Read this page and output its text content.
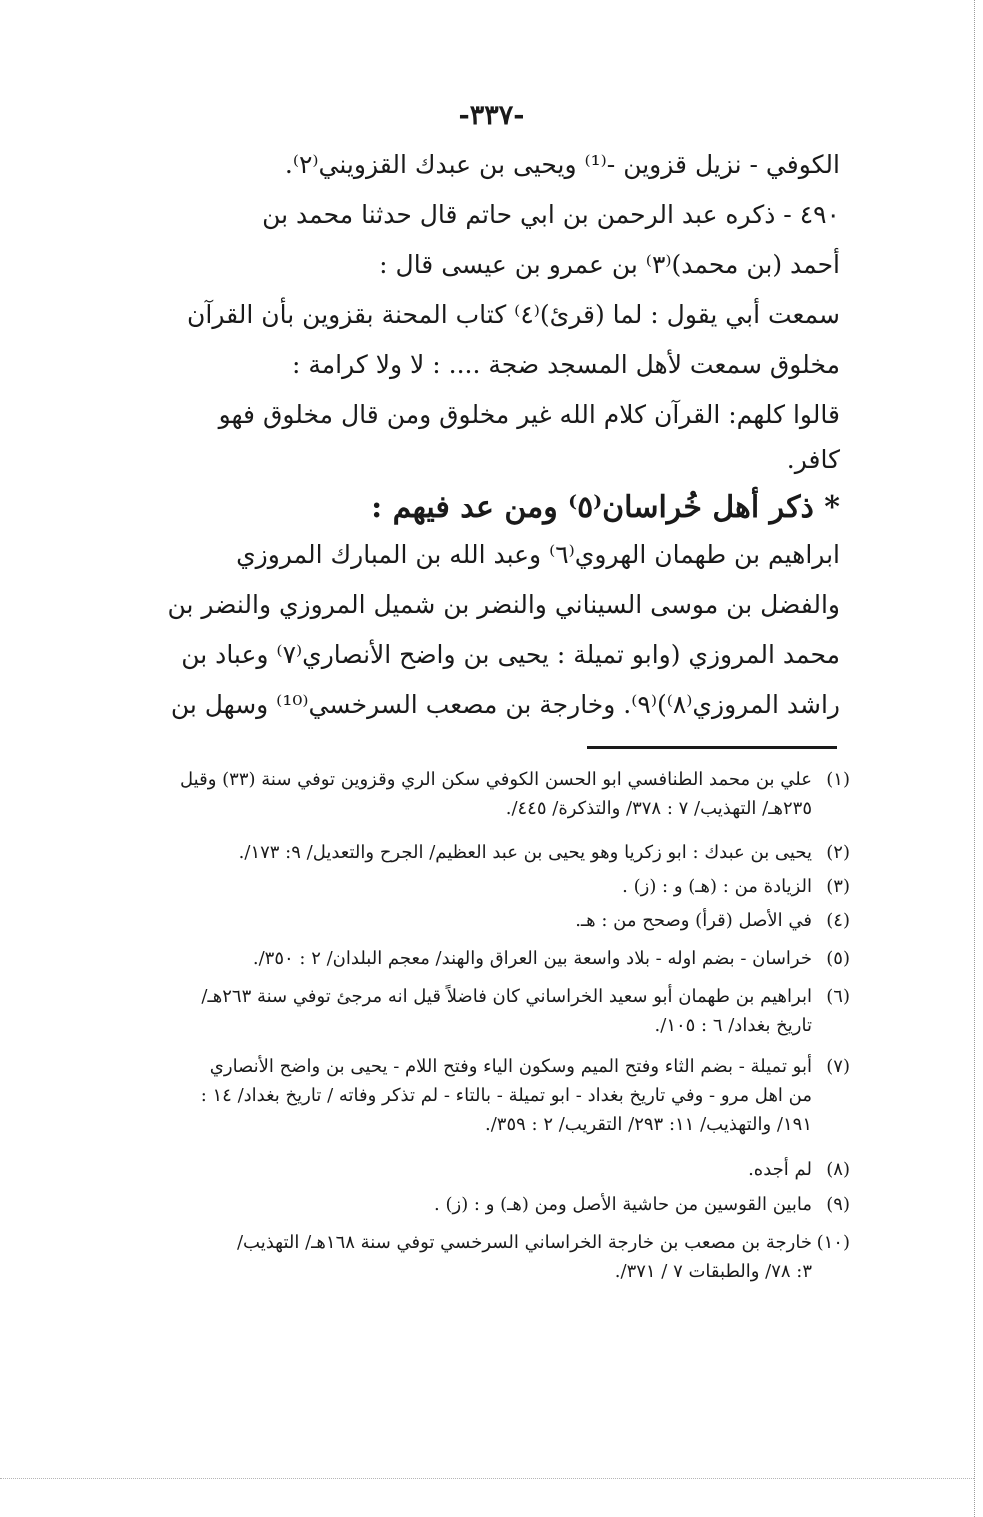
-٣٣٧-

الكوفي - نزيل قزوين -⁽¹⁾ ويحيى بن عبدك القزويني⁽٢⁾.

٤٩٠ - ذكره عبد الرحمن بن ابي حاتم قال حدثنا محمد بن

أحمد (بن محمد)⁽٣⁾ بن عمرو بن عيسى قال :

سمعت أبي يقول : لما (قرئ)⁽٤⁾ كتاب المحنة بقزوين بأن القرآن

مخلوق سمعت لأهل المسجد ضجة .... : لا ولا كرامة :

قالوا كلهم: القرآن كلام الله غير مخلوق ومن قال مخلوق فهو

كافر.

* ذكر أهل خُراسان⁽٥⁾ ومن عد فيهم :

ابراهيم بن طهمان الهروي⁽٦⁾ وعبد الله بن المبارك المروزي

والفضل بن موسى السيناني والنضر بن شميل المروزي والنضر بن

محمد المروزي (وابو تميلة : يحيى بن واضح الأنصاري⁽٧⁾ وعباد بن

راشد المروزي⁽٨⁾)⁽٩⁾. وخارجة بن مصعب السرخسي⁽¹⁰⁾ وسهل بن

(١)
علي بن محمد الطنافسي ابو الحسن الكوفي سكن الري وقزوين توفي سنة (٣٣) وقيل
٢٣٥هـ/ التهذيب/ ٧ : ٣٧٨/ والتذكرة/ ٤٤٥/.
(٢)
يحيى بن عبدك : ابو زكريا وهو يحيى بن عبد العظيم/ الجرح والتعديل/ ٩: ١٧٣/.
(٣)
الزيادة من : (هـ) و : (ز) .
(٤)
في الأصل (قرأ) وصحح من : هـ.
(٥)
خراسان - بضم اوله - بلاد واسعة بين العراق والهند/ معجم البلدان/ ٢ : ٣٥٠/.
(٦)
ابراهيم بن طهمان أبو سعيد الخراساني كان فاضلاً قيل انه مرجئ توفي سنة ٢٦٣هـ/
تاريخ بغداد/ ٦ : ١٠٥/.
(٧)
أبو تميلة - بضم الثاء وفتح الميم وسكون الياء وفتح اللام - يحيى بن واضح الأنصاري
من اهل مرو - وفي تاريخ بغداد - ابو تميلة - بالتاء - لم تذكر وفاته / تاريخ بغداد/ ١٤ :
١٩١/ والتهذيب/ ١١: ٢٩٣/ التقريب/ ٢ : ٣٥٩/.
(٨)
لم أجده.
(٩)
مابين القوسين من حاشية الأصل ومن (هـ) و : (ز) .
(١٠)
خارجة بن مصعب بن خارجة الخراساني السرخسي توفي سنة ١٦٨هـ/ التهذيب/
٣: ٧٨/ والطبقات ٧ / ٣٧١/.
